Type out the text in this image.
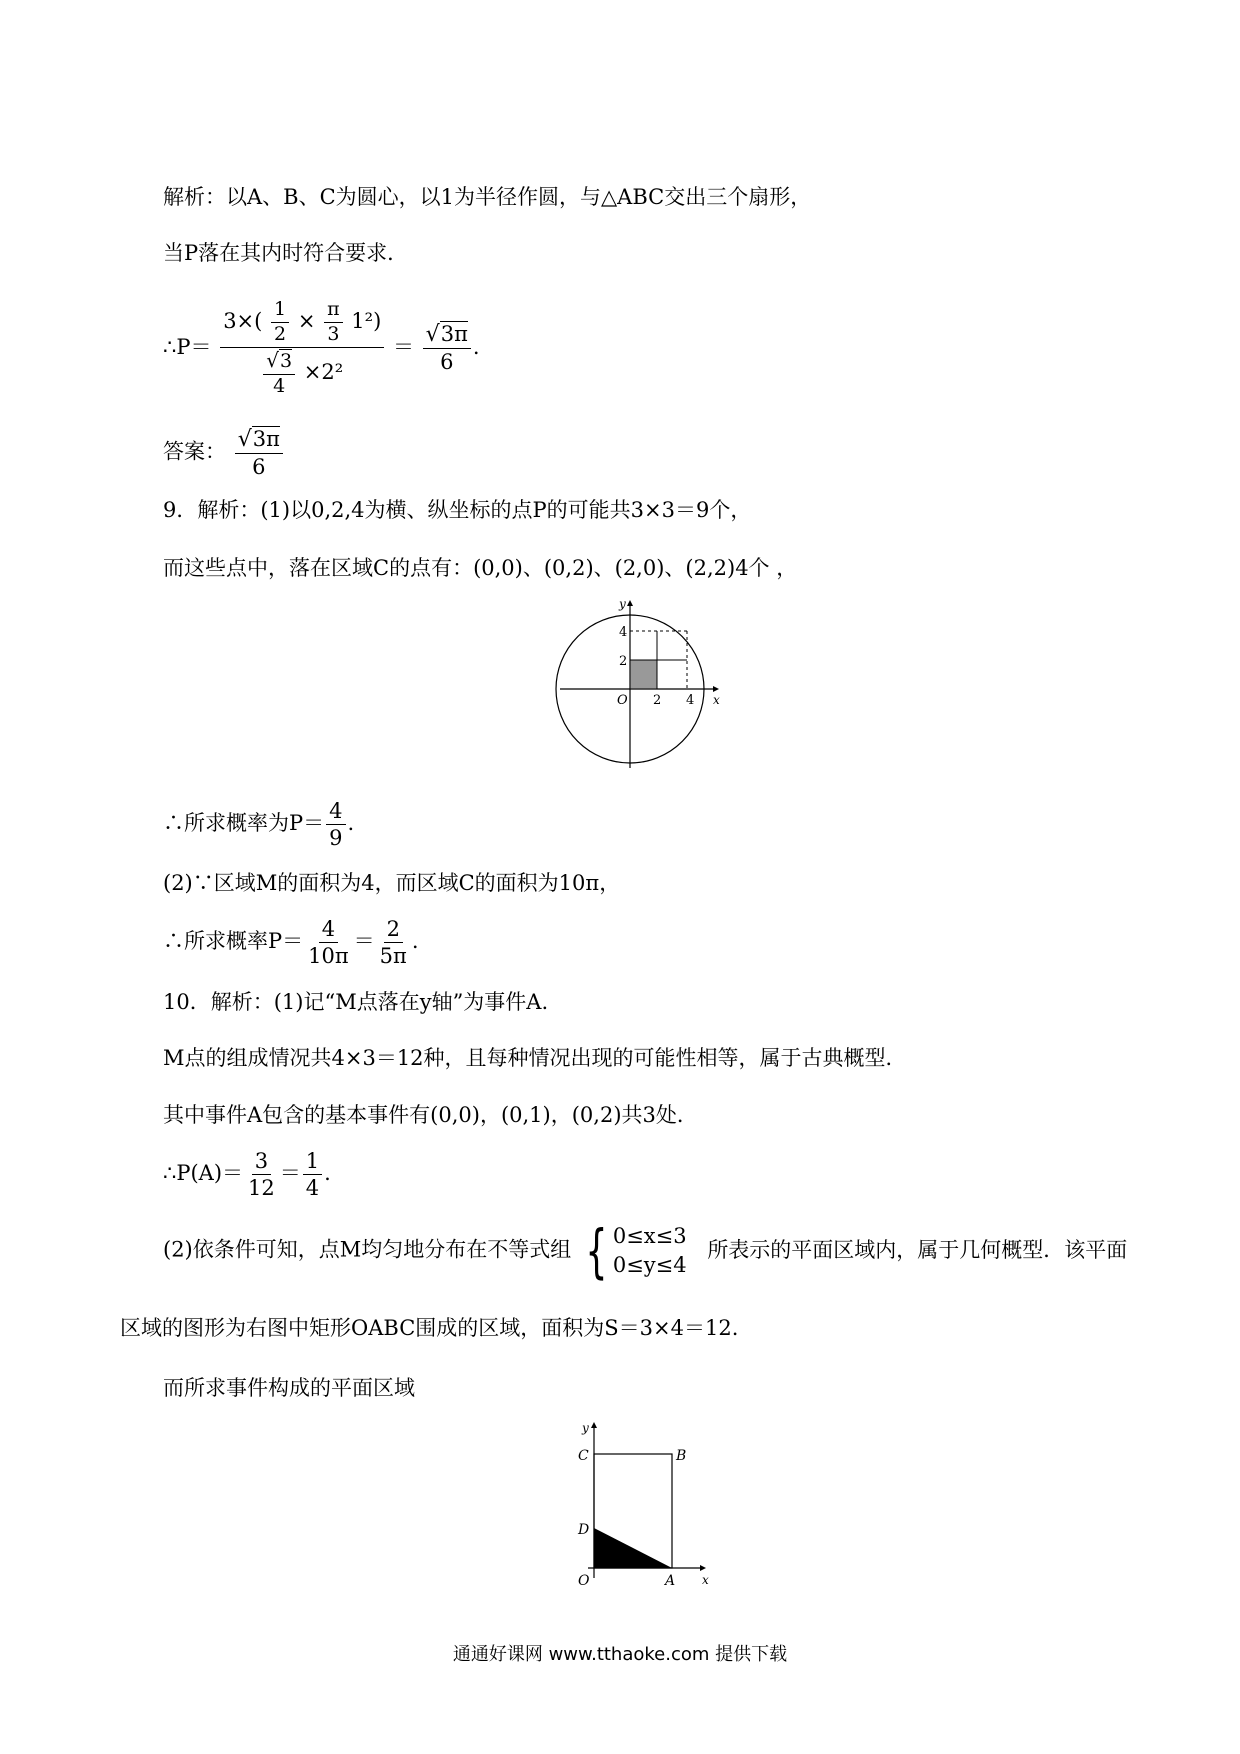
解析：以A、B、C为圆心，以1为半径作圆，与△ABC交出三个扇形，
当P落在其内时符合要求．
∴P＝ $\frac{3\times( \frac{1}{2} \times \frac{\pi}{3} 1^2)}{\frac{√3}{4} \times 2^2} = \frac{√3\pi}{6}$ .
答案： $\frac{√3\pi}{6}$
9．解析：(1)以0,2,4为横、纵坐标的点P的可能共3×3＝9个，
而这些点中，落在区域C的点有：(0,0)、(0,2)、(2,0)、(2,2)4个 ，
y
x
O
4
2
2 4
∴所求概率为$P= \frac{4}{9}$ .
(2)∵区域M的面积为4，而区域C的面积为10π，
∴所求概率$P= \frac{4}{10\pi} = \frac{2}{5\pi}$ .
10．解析：(1)记“M点落在y轴”为事件A.
M点的组成情况共4×3＝12种，且每种情况出现的可能性相等，属于古典概型．
其中事件A包含的基本事件有(0,0)，(0,1)，(0,2)共3处．
∴P(A)＝ $\frac{3}{12} = \frac{1}{4}$ .
(2)依条件可知，点M均匀地分布在不等式组 { 0≤x≤3
0≤y≤4
所表示的平面区域内，属于几何概型．该平面
区域的图形为右图中矩形OABC围成的区域，面积为S＝3×4＝12.
而所求事件构成的平面区域
y
x
C	B
D
O	A
通通好课网 www.tthaoke.com 提供下载
